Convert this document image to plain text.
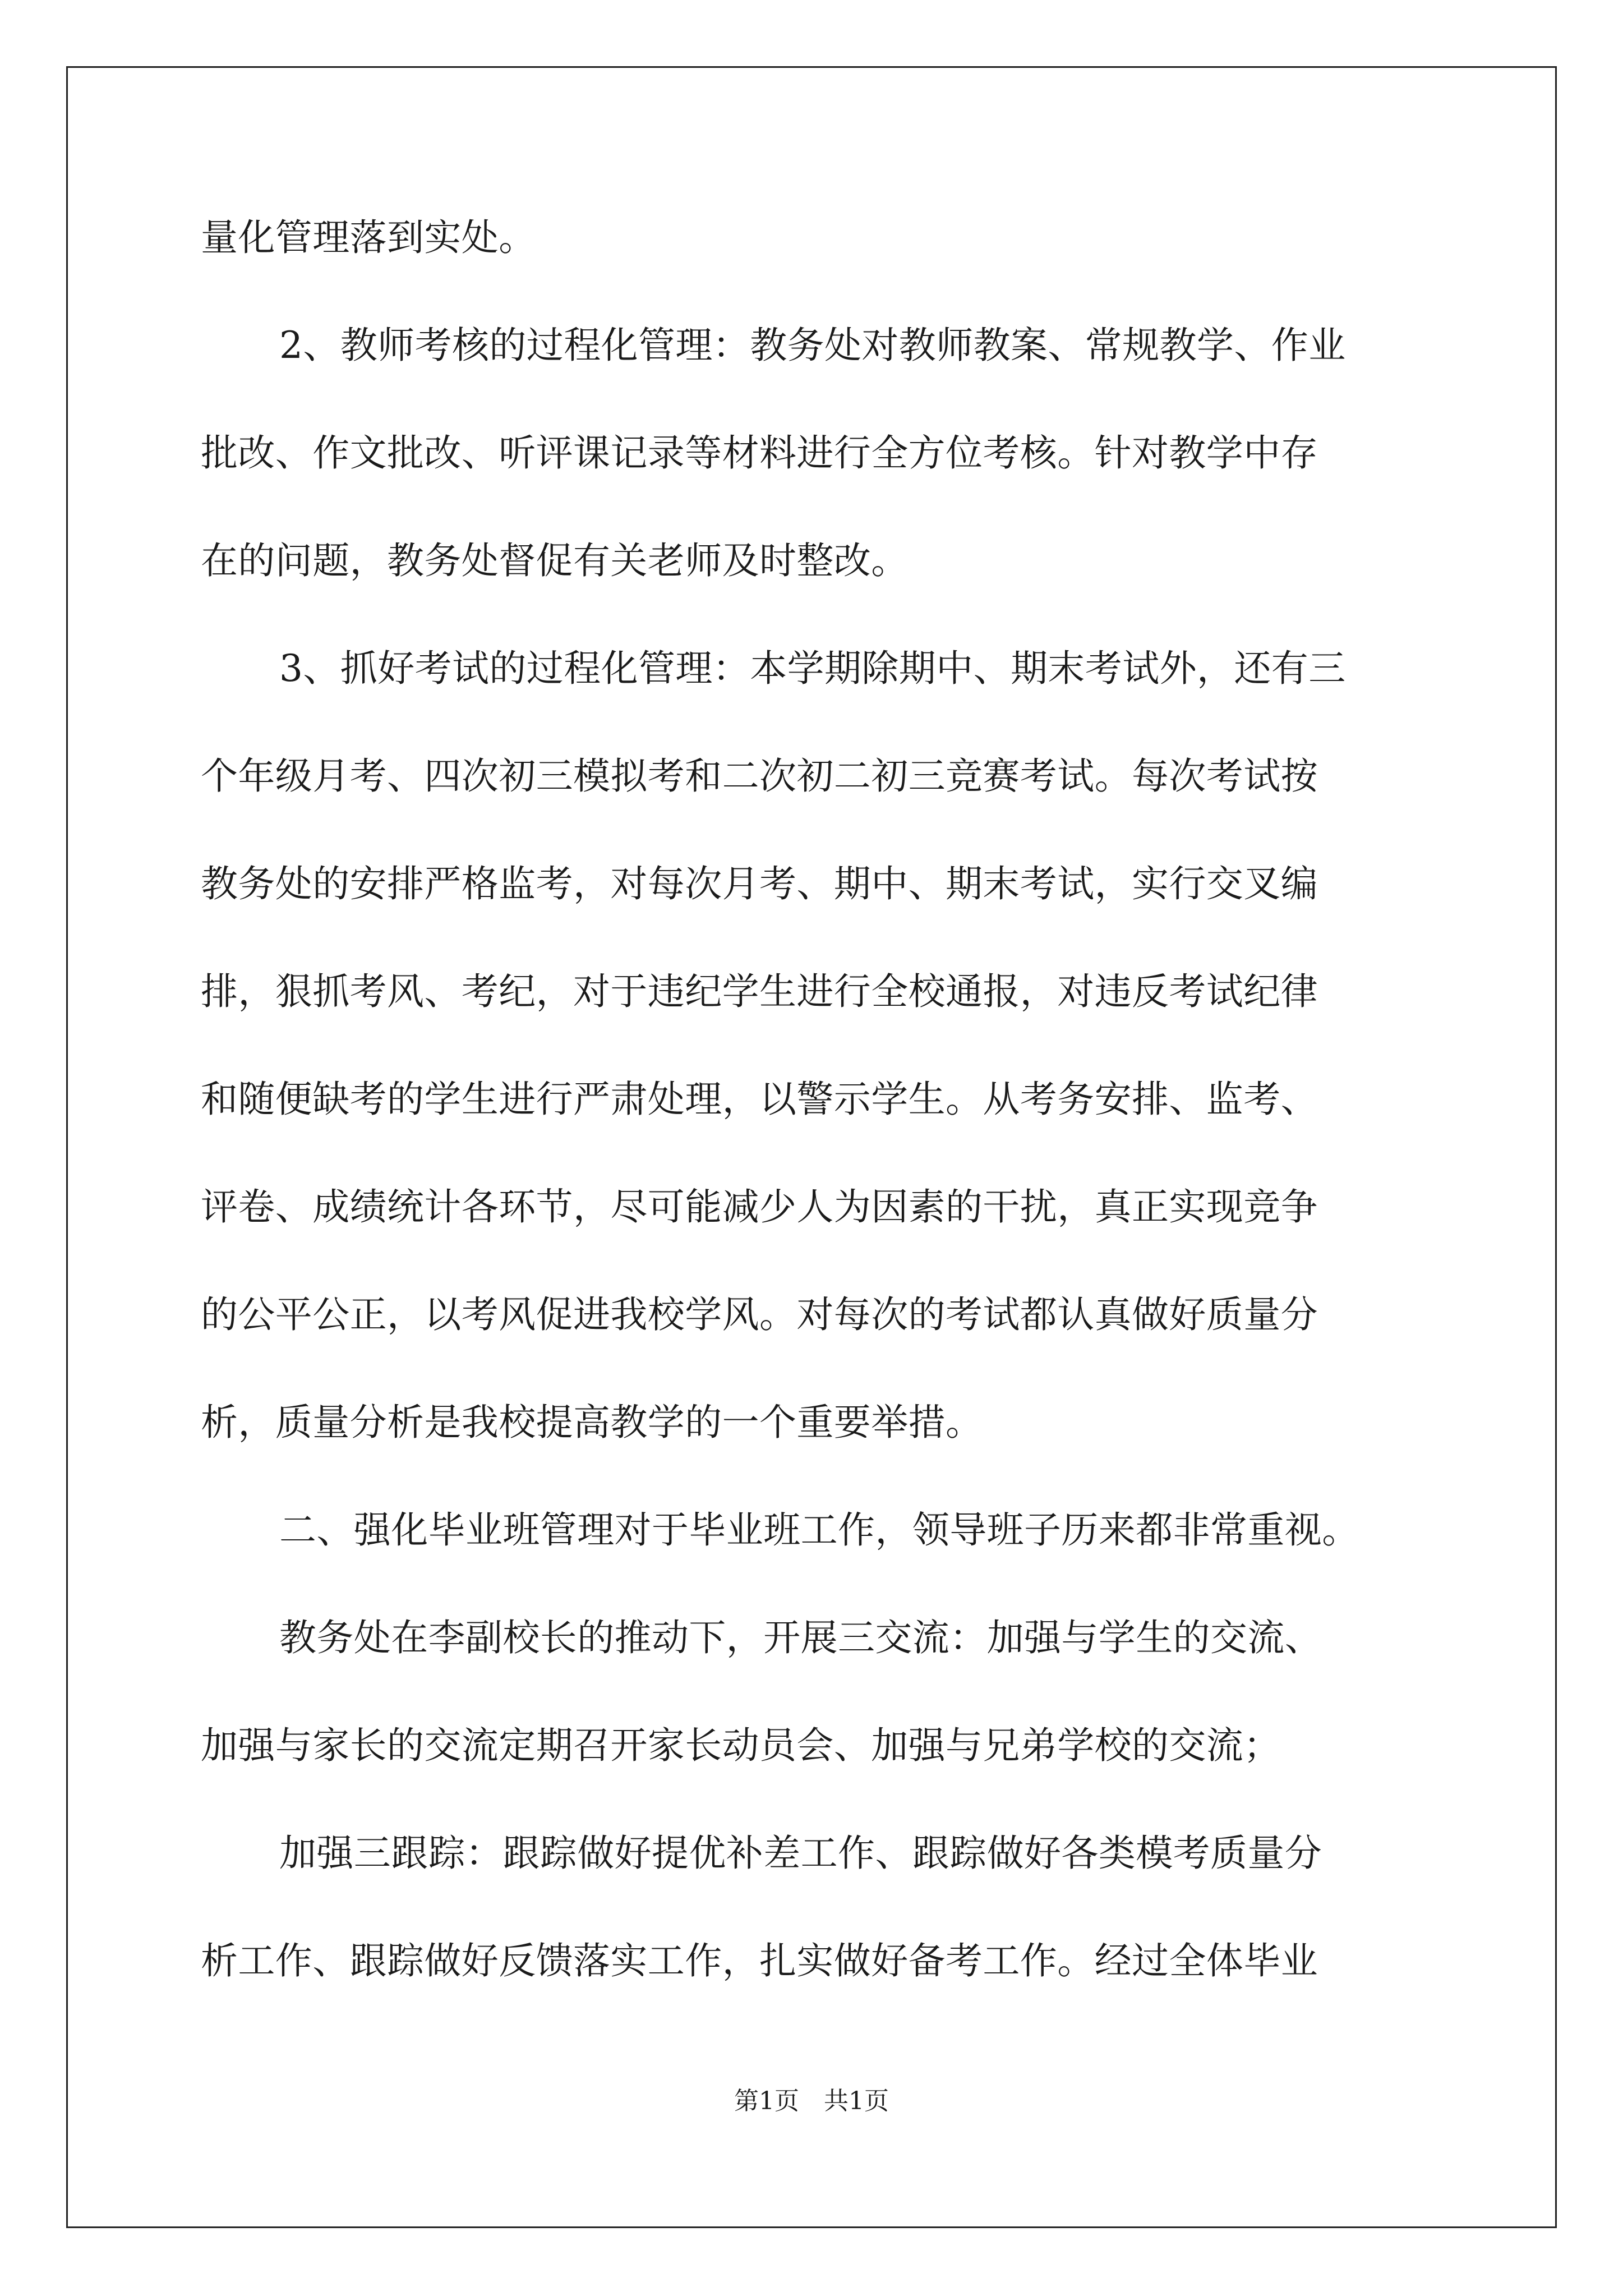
量化管理落到实处。
2、教师考核的过程化管理：教务处对教师教案、常规教学、作业
批改、作文批改、听评课记录等材料进行全方位考核。针对教学中存
在的问题，教务处督促有关老师及时整改。
3、抓好考试的过程化管理：本学期除期中、期末考试外，还有三
个年级月考、四次初三模拟考和二次初二初三竞赛考试。每次考试按
教务处的安排严格监考，对每次月考、期中、期末考试，实行交叉编
排，狠抓考风、考纪，对于违纪学生进行全校通报，对违反考试纪律
和随便缺考的学生进行严肃处理，以警示学生。从考务安排、监考、
评卷、成绩统计各环节，尽可能减少人为因素的干扰，真正实现竞争
的公平公正，以考风促进我校学风。对每次的考试都认真做好质量分
析，质量分析是我校提高教学的一个重要举措。
二、强化毕业班管理对于毕业班工作，领导班子历来都非常重视。
教务处在李副校长的推动下，开展三交流：加强与学生的交流、
加强与家长的交流定期召开家长动员会、加强与兄弟学校的交流；
加强三跟踪：跟踪做好提优补差工作、跟踪做好各类模考质量分
析工作、跟踪做好反馈落实工作，扎实做好备考工作。经过全体毕业
第1页　共1页
